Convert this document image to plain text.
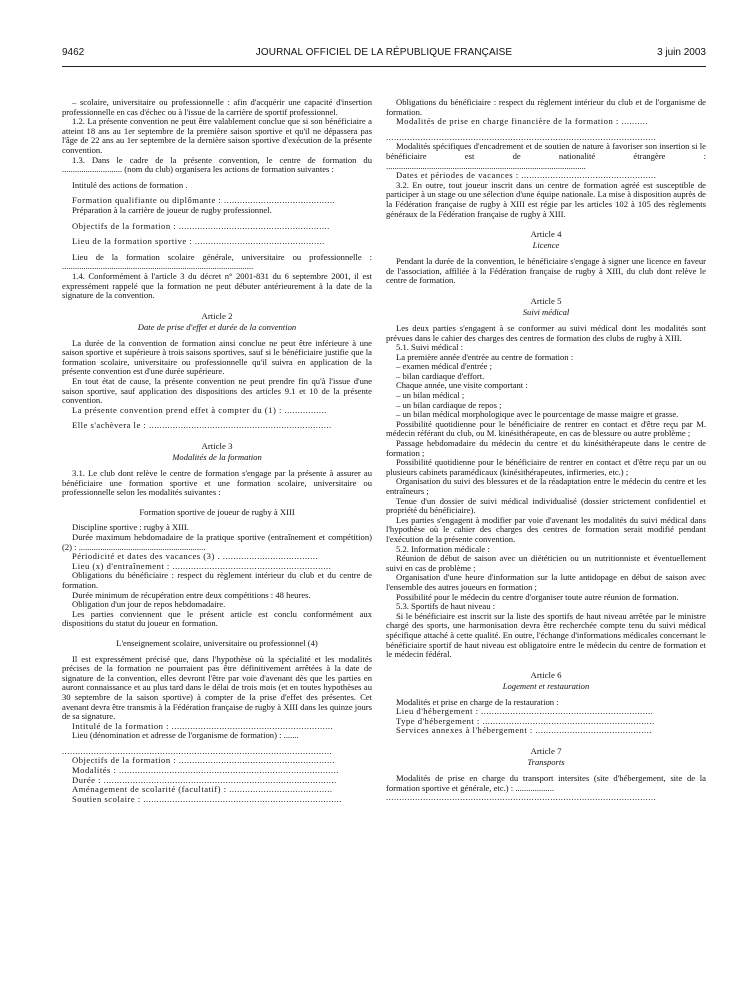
9462	JOURNAL OFFICIEL DE LA RÉPUBLIQUE FRANÇAISE	3 juin 2003

– scolaire, universitaire ou professionnelle : afin d'acquérir une capacité d'insertion professionnelle en cas d'échec ou à l'issue de la carrière de sportif professionnel.

1.2. La présente convention ne peut être valablement conclue que si son bénéficiaire a atteint 18 ans au 1er septembre de la première saison sportive et qu'il ne dépassera pas l'âge de 22 ans au 1er septembre de la dernière saison sportive d'exécution de la présente convention.

1.3. Dans le cadre de la présente convention, le centre de formation du ............................ (nom du club) organisera les actions de formation suivantes :

Intitulé des actions de formation .

Formation qualifiante ou diplômante : ..........................................

Préparation à la carrière de joueur de rugby professionnel.

Objectifs de la formation : .........................................................

Lieu de la formation sportive : .................................................

Lieu de la formation scolaire générale, universitaire ou professionnelle : .........................................................................................

1.4. Conformément à l'article 3 du décret n° 2001-831 du 6 septembre 2001, il est expressément rappelé que la formation ne peut débuter antérieurement à la date de la signature de la convention.

Article 2
Date de prise d'effet et durée de la convention

La durée de la convention de formation ainsi conclue ne peut être inférieure à une saison sportive et supérieure à trois saisons sportives, sauf si le bénéficiaire justifie que la formation scolaire, universitaire ou professionnelle qu'il suivra en application de la présente convention est d'une durée supérieure.

En tout état de cause, la présente convention ne peut prendre fin qu'à l'issue d'une saison sportive, sauf application des dispositions des articles 9.1 et 10 de la présente convention.

La présente convention prend effet à compter du (1) : ................

Elle s'achèvera le : .....................................................................

Article 3
Modalités de la formation

3.1. Le club dont relève le centre de formation s'engage par la présente à assurer au bénéficiaire une formation sportive et une formation scolaire, universitaire ou professionnelle selon les modalités suivantes :

Formation sportive de joueur de rugby à XIII

Discipline sportive : rugby à XIII.

Durée maximum hebdomadaire de la pratique sportive (entraînement et compétition) (2) : ...........................................................

Périodicité et dates des vacances (3) . ....................................

Lieu (x) d'entraînement : ............................................................

Obligations du bénéficiaire : respect du règlement intérieur du club et du centre de formation.

Durée minimum de récupération entre deux compétitions : 48 heures.

Obligation d'un jour de repos hebdomadaire.

Les parties conviennent que le présent article est conclu conformément aux dispositions du statut du joueur en formation.

L'enseignement scolaire, universitaire ou professionnel (4)

Il est expressément précisé que, dans l'hypothèse où la spécialité et les modalités précises de la formation ne pourraient pas être définitivement arrêtées à la date de signature de la convention, elles devront l'être par voie d'avenant dès que les parties en auront connaissance et au plus tard dans le délai de trois mois (et en toutes hypothèses au 30 septembre de la saison sportive) à compter de la prise d'effet des présentes. Cet avenant devra être transmis à la Fédération française de rugby à XIII dans les quinze jours de sa signature.

Intitulé de la formation : .............................................................

Lieu (dénomination et adresse de l'organisme de formation) : .......

......................................................................................................

Objectifs de la formation : ...........................................................

Modalités : ...................................................................................

Durée : ........................................................................................

Aménagement de scolarité (facultatif) : .......................................

Soutien scolaire : ...........................................................................

Obligations du bénéficiaire : respect du règlement intérieur du club et de l'organisme de formation.

Modalités de prise en charge financière de la formation : ..........

......................................................................................................

Modalités spécifiques d'encadrement et de soutien de nature à favoriser son insertion si le bénéficiaire est de nationalité étrangère : .............................................................................................

Dates et périodes de vacances : ...................................................

3.2. En outre, tout joueur inscrit dans un centre de formation agréé est susceptible de participer à un stage ou une sélection d'une équipe nationale. La mise à disposition auprès de la Fédération française de rugby à XIII est régie par les articles 102 à 105 des règlements généraux de la Fédération française de rugby à XIII.

Article 4
Licence

Pendant la durée de la convention, le bénéficiaire s'engage à signer une licence en faveur de l'association, affiliée à la Fédération française de rugby à XIII, du club dont relève le centre de formation.

Article 5
Suivi médical

Les deux parties s'engagent à se conformer au suivi médical dont les modalités sont prévues dans le cahier des charges des centres de formation des clubs de rugby à XIII.

5.1. Suivi médical :

La première année d'entrée au centre de formation :

– examen médical d'entrée ;

– bilan cardiaque d'effort.

Chaque année, une visite comportant :

– un bilan médical ;

– un bilan cardiaque de repos ;

– un bilan médical morphologique avec le pourcentage de masse maigre et grasse.

Possibilité quotidienne pour le bénéficiaire de rentrer en contact et d'être reçu par M. médecin référant du club, ou M. kinésithérapeute, en cas de blessure ou autre problème ;

Passage hebdomadaire du médecin du centre et du kinésithérapeute dans le centre de formation ;

Possibilité quotidienne pour le bénéficiaire de rentrer en contact et d'être reçu par un ou plusieurs cabinets paramédicaux (kinésithérapeutes, infirmeries, etc.) ;

Organisation du suivi des blessures et de la réadaptation entre le médecin du centre et les entraîneurs ;

Tenue d'un dossier de suivi médical individualisé (dossier strictement confidentiel et propriété du bénéficiaire).

Les parties s'engagent à modifier par voie d'avenant les modalités du suivi médical dans l'hypothèse où le cahier des charges des centres de formation serait modifié pendant l'exécution de la présente convention.

5.2. Information médicale :

Réunion de début de saison avec un diététicien ou un nutritionniste et éventuellement suivi en cas de problème ;

Organisation d'une heure d'information sur la lutte antidopage en début de saison avec l'ensemble des autres joueurs en formation ;

Possibilité pour le médecin du centre d'organiser toute autre réunion de formation.

5.3. Sportifs de haut niveau :

Si le bénéficiaire est inscrit sur la liste des sportifs de haut niveau arrêtée par le ministre chargé des sports, une harmonisation devra être recherchée compte tenu du suivi médical spécifique attaché à cette qualité. En outre, l'échange d'informations médicales concernant le bénéficiaire sportif de haut niveau est obligatoire entre le médecin du centre de formation et le médecin fédéral.

Article 6
Logement et restauration

Modalités et prise en charge de la restauration :

Lieu d'hébergement : .................................................................

Type d'hébergement : .................................................................

Services annexes à l'hébergement : ............................................

Article 7
Transports

Modalités de prise en charge du transport intersites (site d'hébergement, site de la formation sportive et générale, etc.) : ..................

......................................................................................................
